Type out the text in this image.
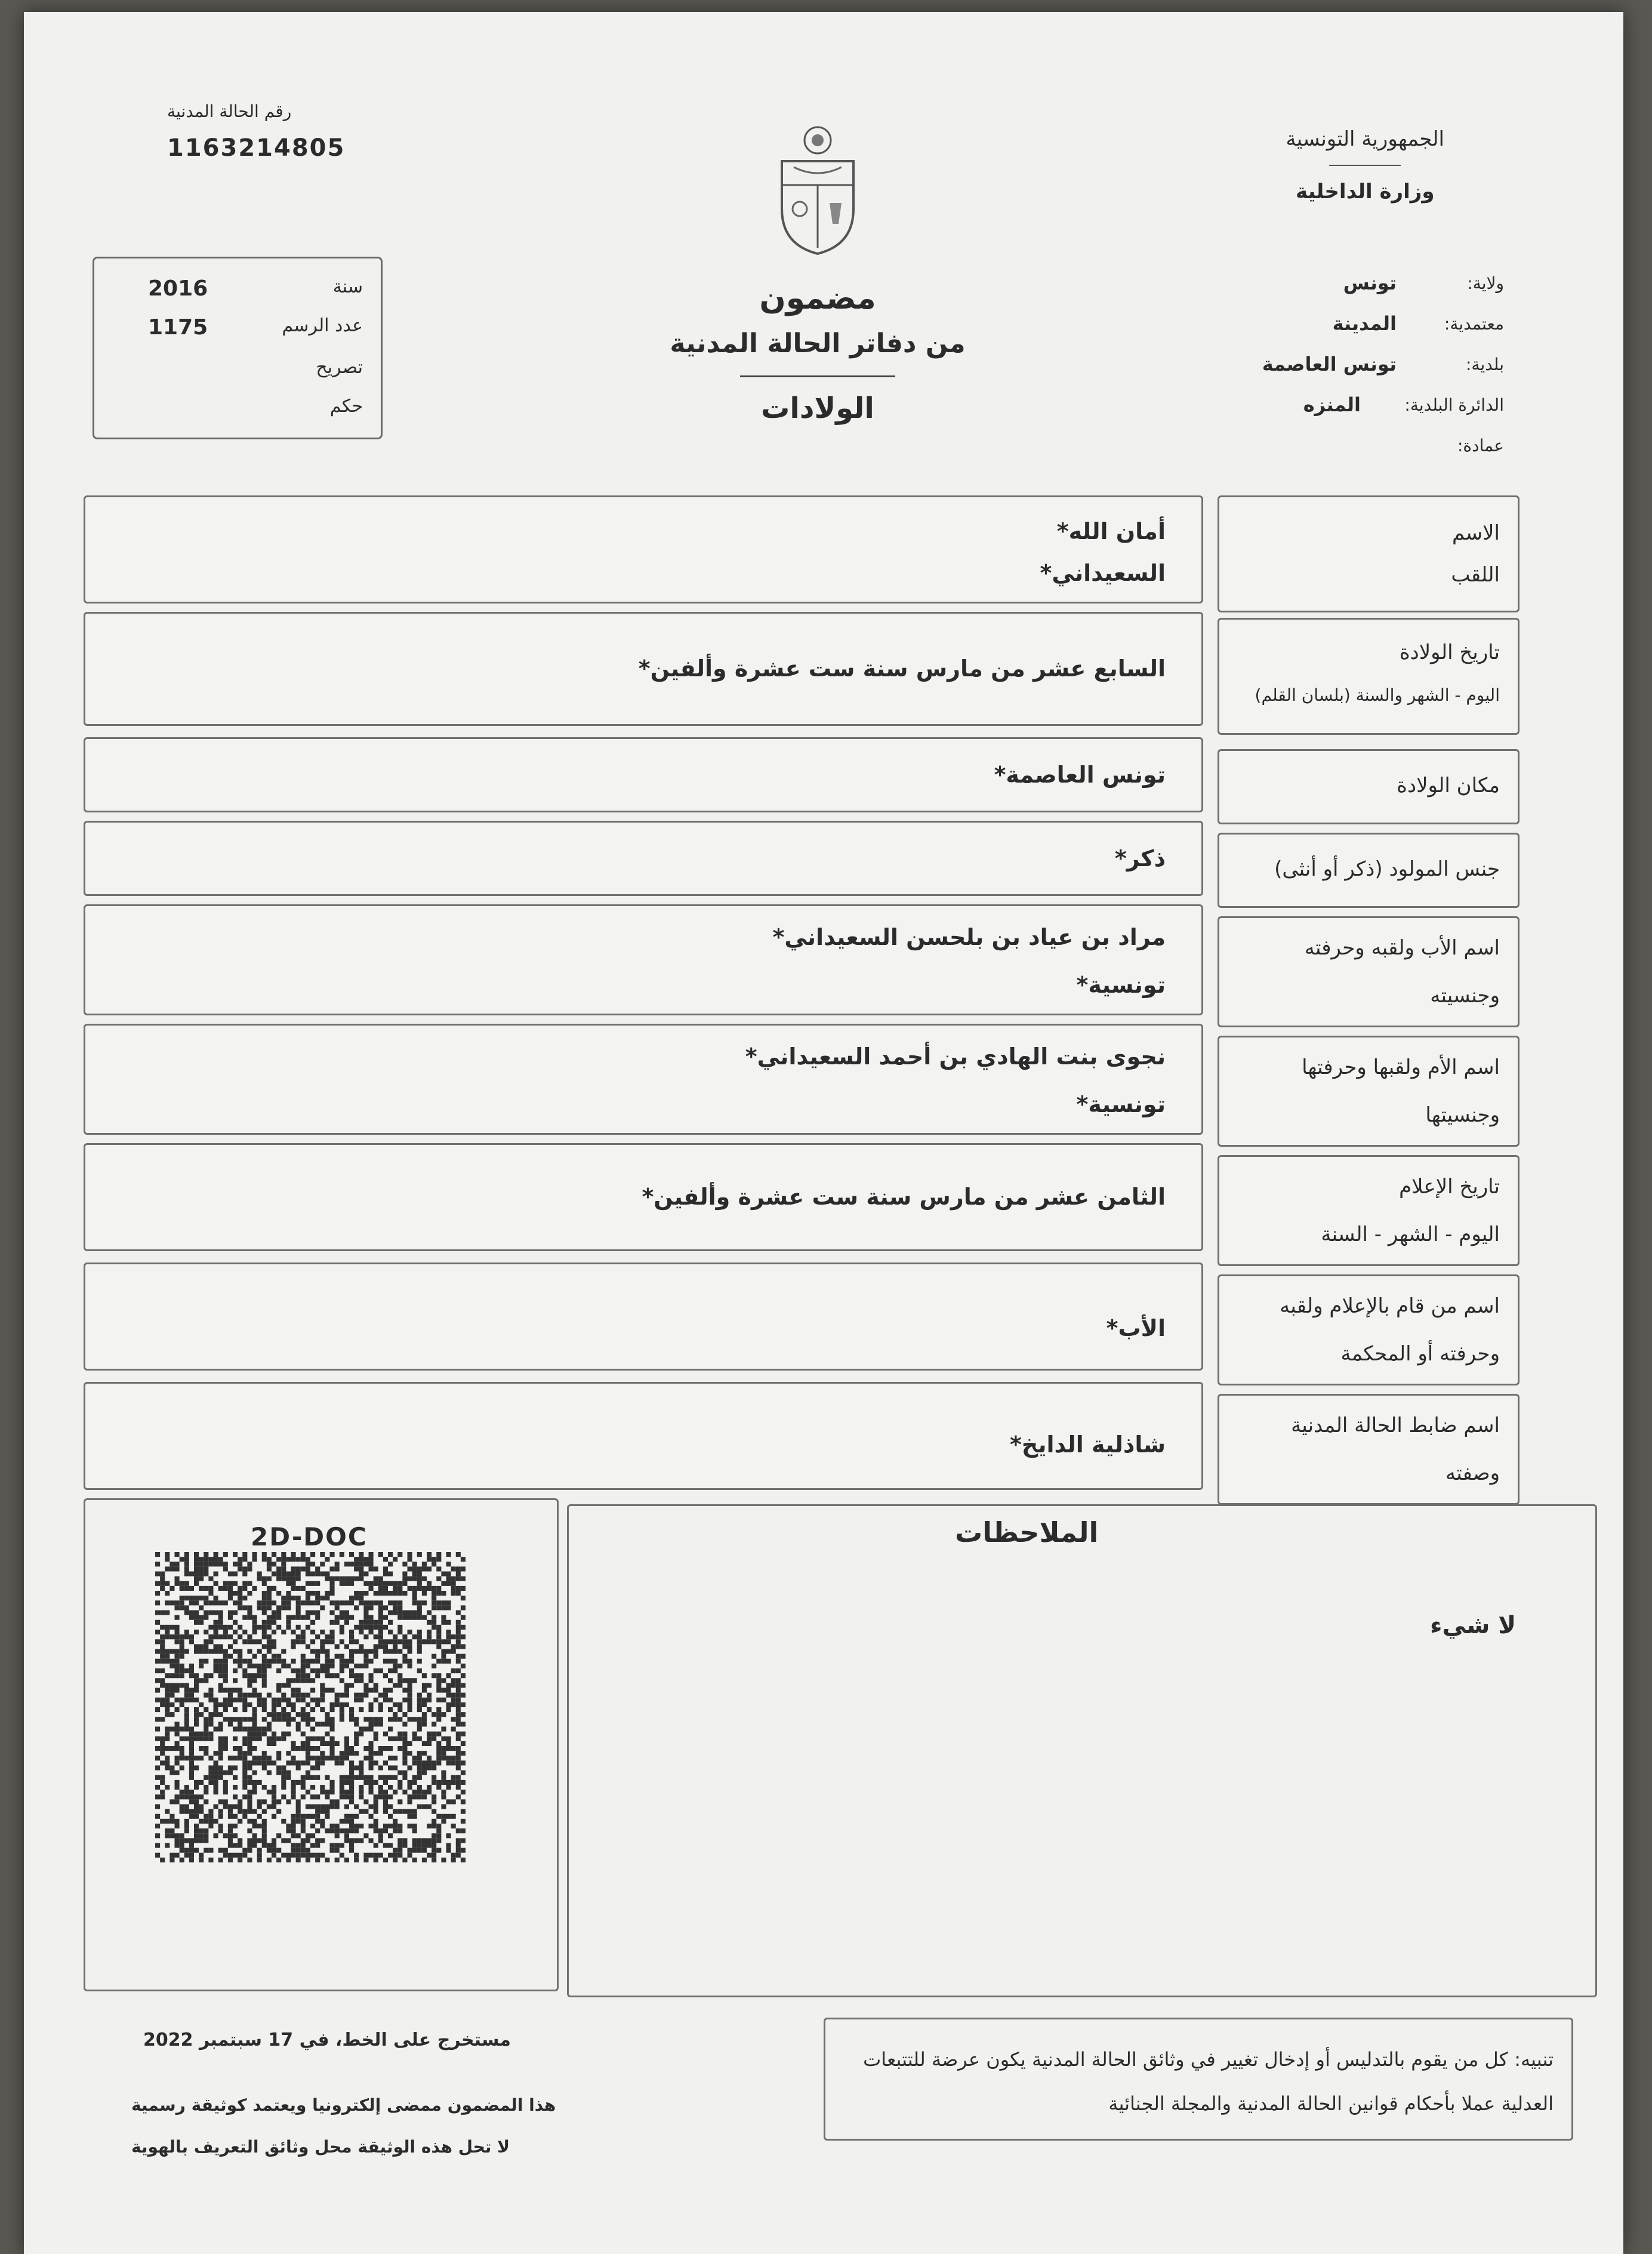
الجمهورية التونسية
وزارة الداخلية
رقم الحالة المدنية
1163214805
سنة
2016
عدد الرسم
1175
تصريح
حكم
مضمون
من دفاتر الحالة المدنية
الولادات
ولاية:
تونس
معتمدية:
المدينة
بلدية:
تونس العاصمة
الدائرة البلدية:
المنزه
عمادة:
الاسم
اللقب
أمان الله*
السعيداني*
تاريخ الولادة
اليوم - الشهر والسنة (بلسان القلم)
السابع عشر من مارس سنة ست عشرة وألفين*
مكان الولادة
تونس العاصمة*
جنس المولود (ذكر أو أنثى)
ذكر*
اسم الأب ولقبه وحرفته
وجنسيته
مراد بن عياد بن بلحسن السعيداني*
تونسية*
اسم الأم ولقبها وحرفتها
وجنسيتها
نجوى بنت الهادي بن أحمد السعيداني*
تونسية*
تاريخ الإعلام
اليوم - الشهر - السنة
الثامن عشر من مارس سنة ست عشرة وألفين*
اسم من قام بالإعلام ولقبه
وحرفته أو المحكمة
الأب*
اسم ضابط الحالة المدنية
وصفته
شاذلية الدايخ*
2D-DOC	الملاحظات
لا شيء
مستخرج على الخط، في 17 سبتمبر 2022
هذا المضمون ممضى إلكترونيا ويعتمد كوثيقة رسمية
لا تحل هذه الوثيقة محل وثائق التعريف بالهوية
تنبيه: كل من يقوم بالتدليس أو إدخال تغيير في وثائق الحالة المدنية يكون عرضة للتتبعات العدلية عملا بأحكام قوانين الحالة المدنية والمجلة الجنائية
